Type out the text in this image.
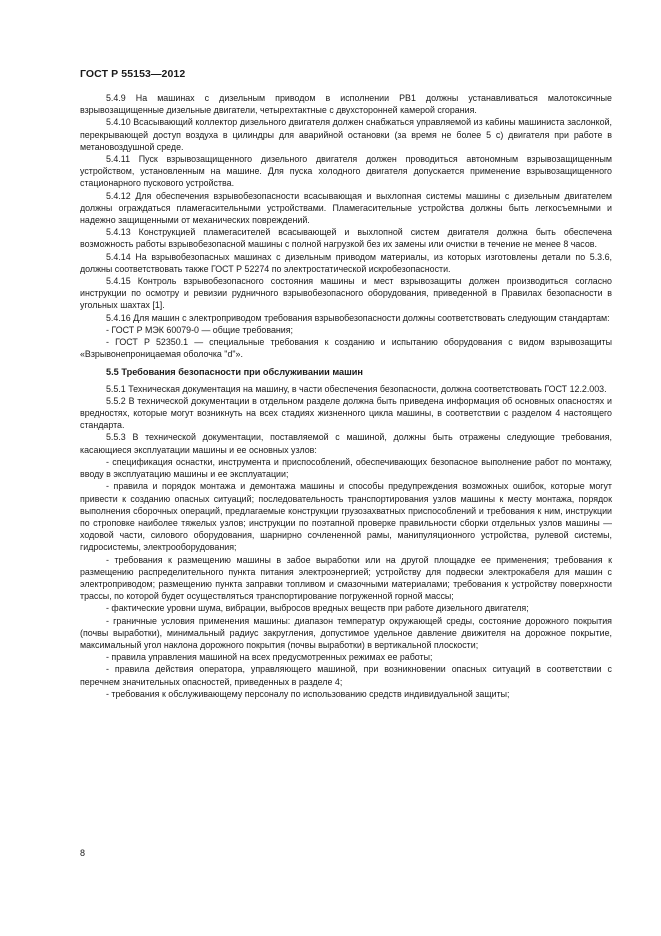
ГОСТ Р 55153—2012

5.4.9 На машинах с дизельным приводом в исполнении РВ1 должны устанавливаться малотоксичные взрывозащищенные дизельные двигатели, четырехтактные с двухсторонней камерой сгорания.

5.4.10 Всасывающий коллектор дизельного двигателя должен снабжаться управляемой из кабины машиниста заслонкой, перекрывающей доступ воздуха в цилиндры для аварийной остановки (за время не более 5 с) двигателя при работе в метановоздушной среде.

5.4.11 Пуск взрывозащищенного дизельного двигателя должен проводиться автономным взрывозащищенным устройством, установленным на машине. Для пуска холодного двигателя допускается применение взрывозащищенного стационарного пускового устройства.

5.4.12 Для обеспечения взрывобезопасности всасывающая и выхлопная системы машины с дизельным двигателем должны ограждаться пламегасительными устройствами. Пламегасительные устройства должны быть легкосъемными и надежно защищенными от механических повреждений.

5.4.13 Конструкцией пламегасителей всасывающей и выхлопной систем двигателя должна быть обеспечена возможность работы взрывобезопасной машины с полной нагрузкой без их замены или очистки в течение не менее 8 часов.

5.4.14 На взрывобезопасных машинах с дизельным приводом материалы, из которых изготовлены детали по 5.3.6, должны соответствовать также ГОСТ Р 52274 по электростатической искробезопасности.

5.4.15 Контроль взрывобезопасного состояния машины и мест взрывозащиты должен производиться согласно инструкции по осмотру и ревизии рудничного взрывобезопасного оборудования, приведенной в Правилах безопасности в угольных шахтах [1].

5.4.16 Для машин с электроприводом требования взрывобезопасности должны соответствовать следующим стандартам:

- ГОСТ Р МЭК 60079-0 — общие требования;

- ГОСТ Р 52350.1 — специальные требования к созданию и испытанию оборудования с видом взрывозащиты «Взрывонепроницаемая оболочка "d"».

5.5 Требования безопасности при обслуживании машин

5.5.1 Техническая документация на машину, в части обеспечения безопасности, должна соответствовать ГОСТ 12.2.003.

5.5.2 В технической документации в отдельном разделе должна быть приведена информация об основных опасностях и вредностях, которые могут возникнуть на всех стадиях жизненного цикла машины, в соответствии с разделом 4 настоящего стандарта.

5.5.3 В технической документации, поставляемой с машиной, должны быть отражены следующие требования, касающиеся эксплуатации машины и ее основных узлов:

- спецификация оснастки, инструмента и приспособлений, обеспечивающих безопасное выполнение работ по монтажу, вводу в эксплуатацию машины и ее эксплуатации;

- правила и порядок монтажа и демонтажа машины и способы предупреждения возможных ошибок, которые могут привести к созданию опасных ситуаций; последовательность транспортирования узлов машины к месту монтажа, порядок выполнения сборочных операций, предлагаемые конструкции грузозахватных приспособлений и требования к ним, инструкции по строповке наиболее тяжелых узлов; инструкции по поэтапной проверке правильности сборки отдельных узлов машины — ходовой части, силового оборудования, шарнирно сочлененной рамы, манипуляционного устройства, рулевой системы, гидросистемы, электрооборудования;

- требования к размещению машины в забое выработки или на другой площадке ее применения; требования к размещению распределительного пункта питания электроэнергией; устройству для подвески электрокабеля для машин с электроприводом; размещению пункта заправки топливом и смазочными материалами; требования к устройству поверхности трассы, по которой будет осуществляться транспортирование погруженной горной массы;

- фактические уровни шума, вибрации, выбросов вредных веществ при работе дизельного двигателя;

- граничные условия применения машины: диапазон температур окружающей среды, состояние дорожного покрытия (почвы выработки), минимальный радиус закругления, допустимое удельное давление движителя на дорожное покрытие, максимальный угол наклона дорожного покрытия (почвы выработки) в вертикальной плоскости;

- правила управления машиной на всех предусмотренных режимах ее работы;

- правила действия оператора, управляющего машиной, при возникновении опасных ситуаций в соответствии с перечнем значительных опасностей, приведенных в разделе 4;

- требования к обслуживающему персоналу по использованию средств индивидуальной защиты;

8
